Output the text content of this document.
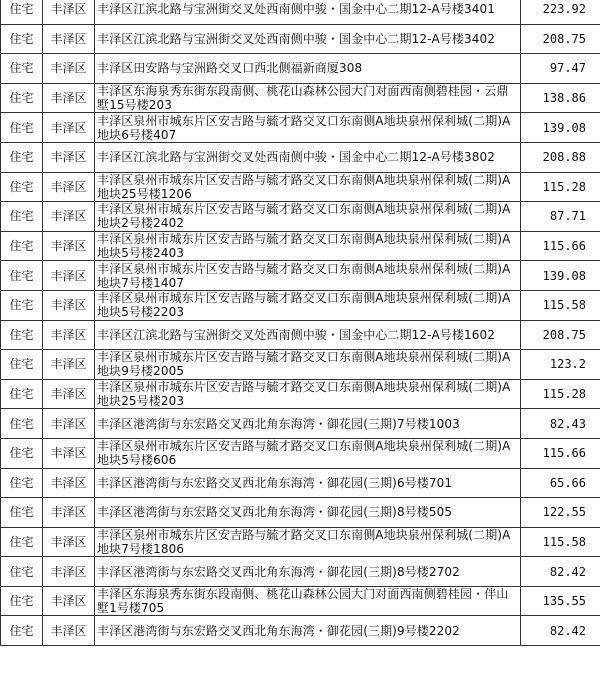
住宅	丰泽区	丰泽区江滨北路与宝洲街交叉处西南侧中骏・国金中心二期12-A号楼3401	223.92
住宅	丰泽区	丰泽区江滨北路与宝洲街交叉处西南侧中骏・国金中心二期12-A号楼3402	208.75
住宅	丰泽区	丰泽区田安路与宝洲路交叉口西北侧福新商厦308	97.47
住宅	丰泽区	丰泽区东海泉秀东街东段南侧、桃花山森林公园大门对面西南侧碧桂园・云鼎墅15号楼203	138.86
住宅	丰泽区	丰泽区泉州市城东片区安吉路与毓才路交叉口东南侧A地块泉州保利城(二期)A地块6号楼407	139.08
住宅	丰泽区	丰泽区江滨北路与宝洲街交叉处西南侧中骏・国金中心二期12-A号楼3802	208.88
住宅	丰泽区	丰泽区泉州市城东片区安吉路与毓才路交叉口东南侧A地块泉州保利城(二期)A地块25号楼1206	115.28
住宅	丰泽区	丰泽区泉州市城东片区安吉路与毓才路交叉口东南侧A地块泉州保利城(二期)A地块2号楼2402	87.71
住宅	丰泽区	丰泽区泉州市城东片区安吉路与毓才路交叉口东南侧A地块泉州保利城(二期)A地块5号楼2403	115.66
住宅	丰泽区	丰泽区泉州市城东片区安吉路与毓才路交叉口东南侧A地块泉州保利城(二期)A地块7号楼1407	139.08
住宅	丰泽区	丰泽区泉州市城东片区安吉路与毓才路交叉口东南侧A地块泉州保利城(二期)A地块5号楼2203	115.58
住宅	丰泽区	丰泽区江滨北路与宝洲街交叉处西南侧中骏・国金中心二期12-A号楼1602	208.75
住宅	丰泽区	丰泽区泉州市城东片区安吉路与毓才路交叉口东南侧A地块泉州保利城(二期)A地块9号楼2005	123.2
住宅	丰泽区	丰泽区泉州市城东片区安吉路与毓才路交叉口东南侧A地块泉州保利城(二期)A地块25号楼203	115.28
住宅	丰泽区	丰泽区港湾街与东宏路交叉西北角东海湾・御花园(三期)7号楼1003	82.43
住宅	丰泽区	丰泽区泉州市城东片区安吉路与毓才路交叉口东南侧A地块泉州保利城(二期)A地块5号楼606	115.66
住宅	丰泽区	丰泽区港湾街与东宏路交叉西北角东海湾・御花园(三期)6号楼701	65.66
住宅	丰泽区	丰泽区港湾街与东宏路交叉西北角东海湾・御花园(三期)8号楼505	122.55
住宅	丰泽区	丰泽区泉州市城东片区安吉路与毓才路交叉口东南侧A地块泉州保利城(二期)A地块7号楼1806	115.58
住宅	丰泽区	丰泽区港湾街与东宏路交叉西北角东海湾・御花园(三期)8号楼2702	82.42
住宅	丰泽区	丰泽区东海泉秀东街东段南侧、桃花山森林公园大门对面西南侧碧桂园・伴山墅1号楼705	135.55
住宅	丰泽区	丰泽区港湾街与东宏路交叉西北角东海湾・御花园(三期)9号楼2202	82.42
